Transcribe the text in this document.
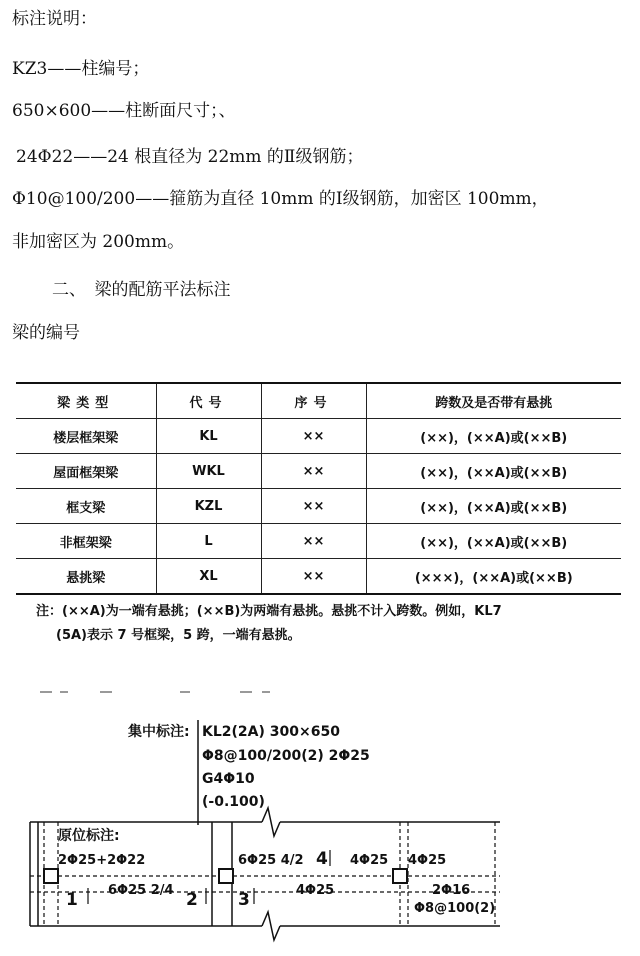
标注说明：
KZ3——柱编号；
650×600——柱断面尺寸；、
24Φ22——24 根直径为 22mm 的Ⅱ级钢筋；
Φ10@100/200——箍筋为直径 10mm 的Ⅰ级钢筋，加密区 100mm，
非加密区为 200mm。
二、　梁的配筋平法标注
梁的编号
梁类型	代号	序号	跨数及是否带有悬挑
楼层框架梁	KL	××	(××)，(××A)或(××B)
屋面框架梁	WKL	××	(××)，(××A)或(××B)
框支梁	KZL	××	(××)，(××A)或(××B)
非框架梁	L	××	(××)，(××A)或(××B)
悬挑梁	XL	××	(×××)，(××A)或(××B)
注：(××A)为一端有悬挑；(××B)为两端有悬挑。悬挑不计入跨数。例如，KL7
(5A)表示 7 号框梁，5 跨，一端有悬挑。
集中标注: KL2(2A) 300×650
Φ8@100/200(2) 2Φ25
G4Φ10
(-0.100)
原位标注:
2Φ25+2Φ22	6Φ25 4/2 4 4Φ25 4Φ25
1 6Φ25 2/4 2 3	4Φ25	2Φ16
Φ8@100(2)
